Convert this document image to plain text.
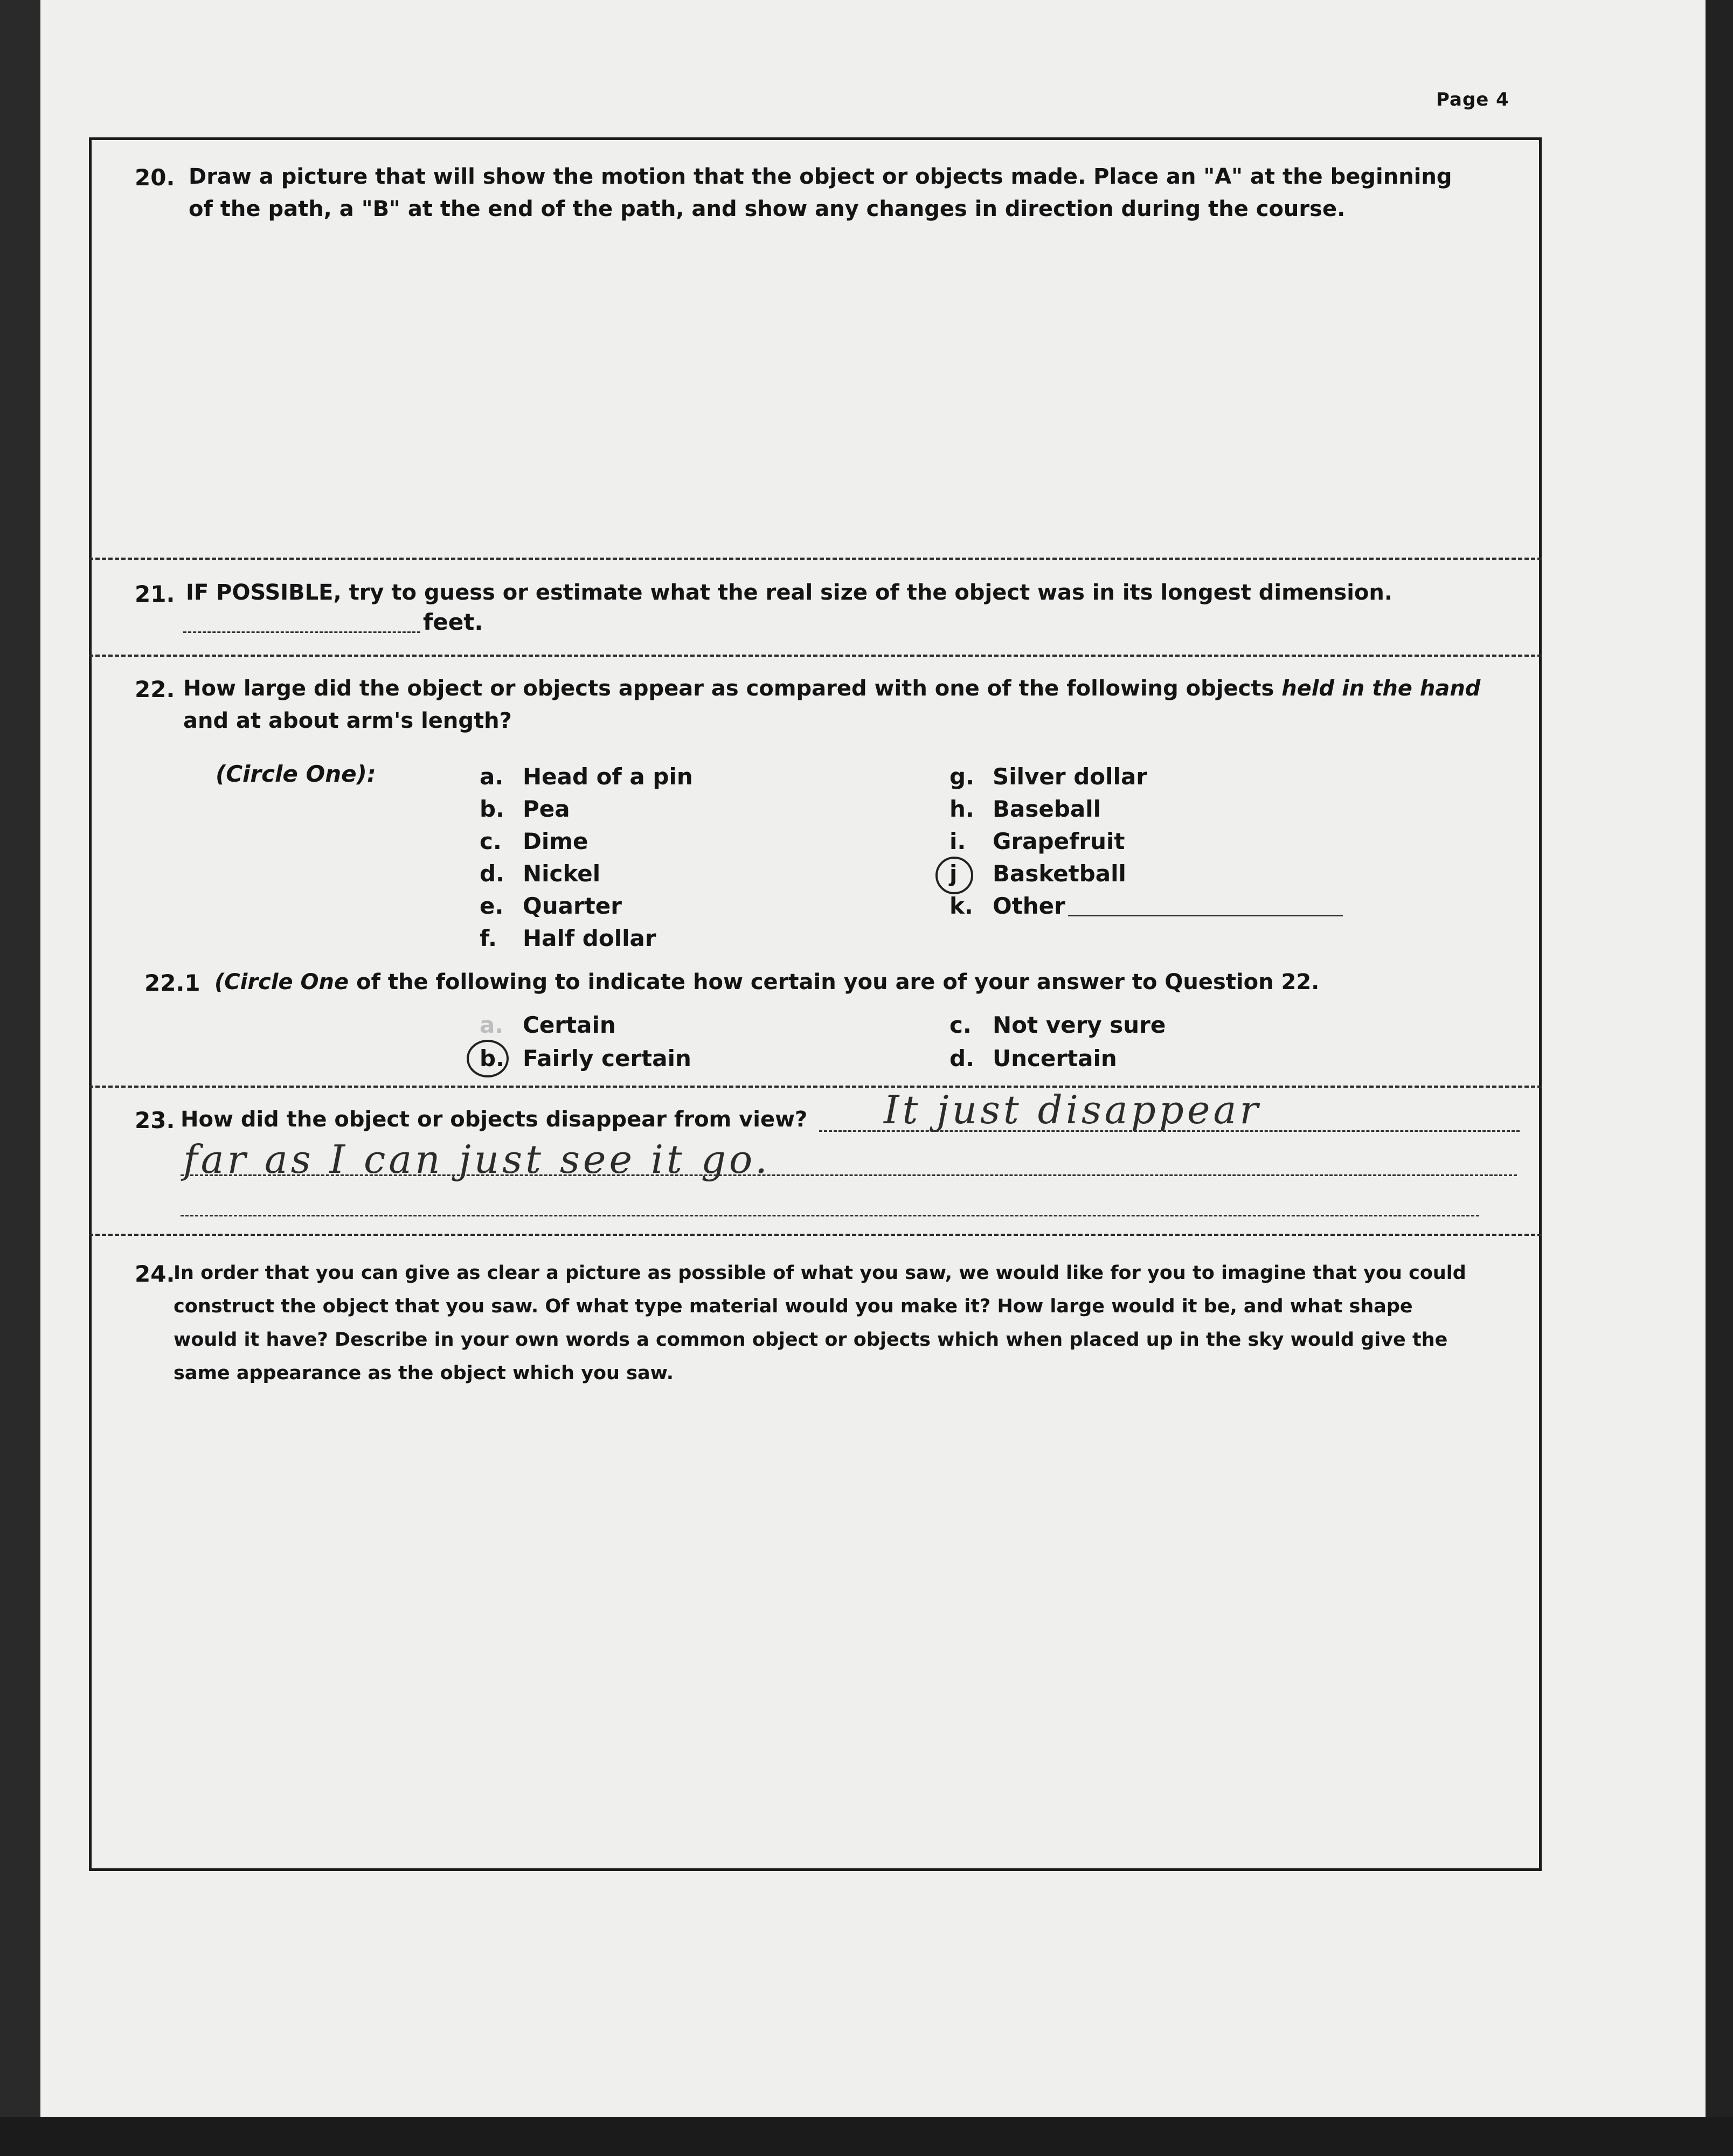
Page 4
20. Draw a picture that will show the motion that the object or objects made. Place an "A" at the beginning
of the path, a "B" at the end of the path, and show any changes in direction during the course.
21. IF POSSIBLE, try to guess or estimate what the real size of the object was in its longest dimension.
feet.
22. How large did the object or objects appear as compared with one of the following objects held in the hand
and at about arm's length?
(Circle One):	a. Head of a pin
b. Pea
c. Dime
d. Nickel
e. Quarter
f. Half dollar
g. Silver dollar
h. Baseball
i. Grapefruit
j Basketball
k. Other
22.1 (Circle One of the following to indicate how certain you are of your answer to Question 22.
a. Certain
b. Fairly certain
c. Not very sure
d. Uncertain
23. How did the object or objects disappear from view? It just disappear
far as I can just see it go.
24.
In order that you can give as clear a picture as possible of what you saw, we would like for you to imagine that you could
construct the object that you saw. Of what type material would you make it? How large would it be, and what shape
would it have? Describe in your own words a common object or objects which when placed up in the sky would give the
same appearance as the object which you saw.
